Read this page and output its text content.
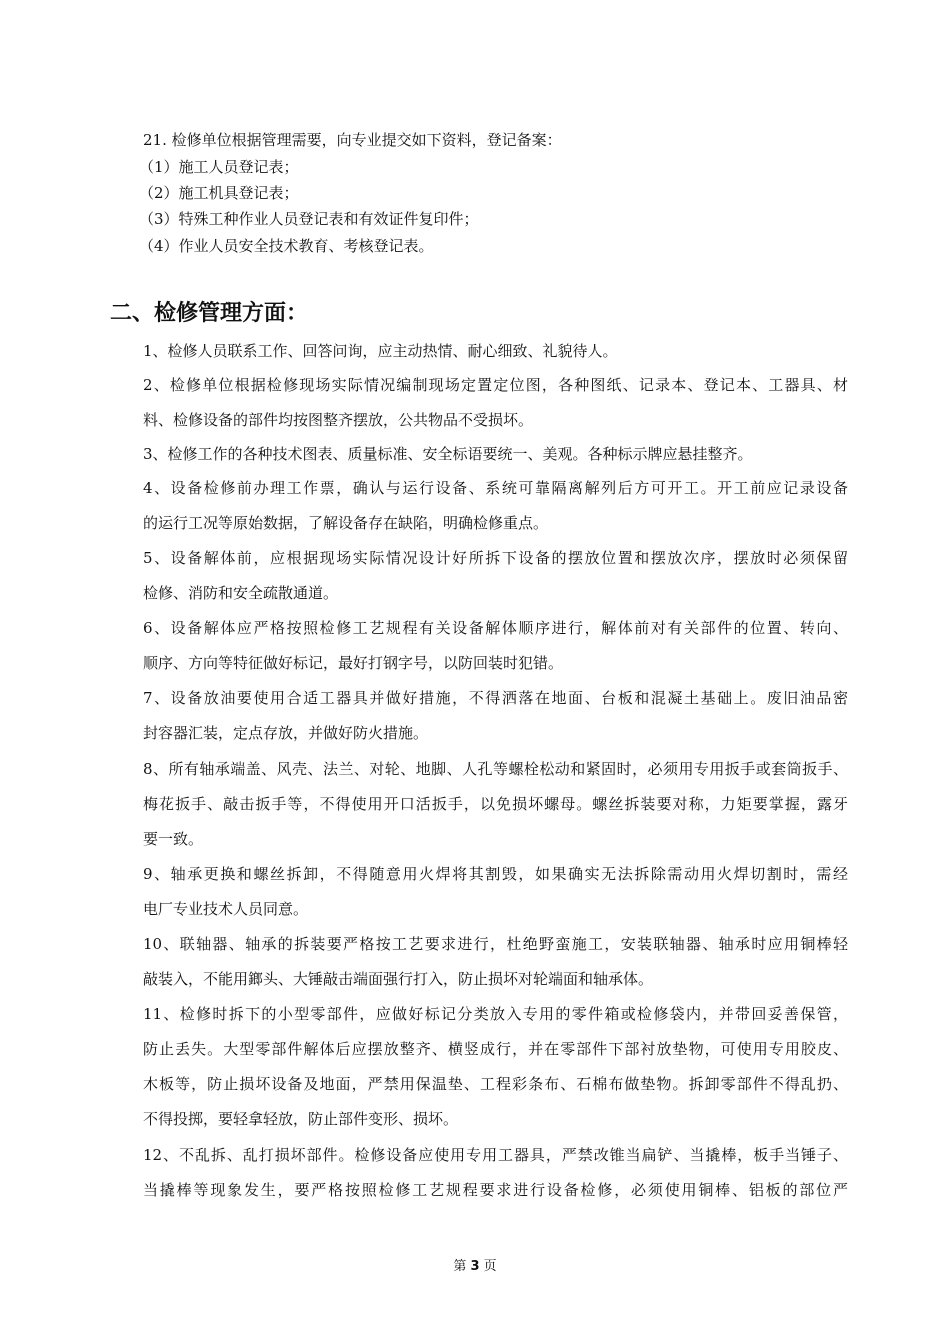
21. 检修单位根据管理需要，向专业提交如下资料，登记备案：
（1）施工人员登记表；
（2）施工机具登记表；
（3）特殊工种作业人员登记表和有效证件复印件；
（4）作业人员安全技术教育、考核登记表。
二、检修管理方面：
1、检修人员联系工作、回答问询，应主动热情、耐心细致、礼貌待人。
2、检修单位根据检修现场实际情况编制现场定置定位图，各种图纸、记录本、登记本、工器具、材
料、检修设备的部件均按图整齐摆放，公共物品不受损坏。
3、检修工作的各种技术图表、质量标准、安全标语要统一、美观。各种标示牌应悬挂整齐。
4、设备检修前办理工作票，确认与运行设备、系统可靠隔离解列后方可开工。开工前应记录设备
的运行工况等原始数据，了解设备存在缺陷，明确检修重点。
5、设备解体前，应根据现场实际情况设计好所拆下设备的摆放位置和摆放次序，摆放时必须保留
检修、消防和安全疏散通道。
6、设备解体应严格按照检修工艺规程有关设备解体顺序进行，解体前对有关部件的位置、转向、
顺序、方向等特征做好标记，最好打钢字号，以防回装时犯错。
7、设备放油要使用合适工器具并做好措施，不得洒落在地面、台板和混凝土基础上。废旧油品密
封容器汇装，定点存放，并做好防火措施。
8、所有轴承端盖、风壳、法兰、对轮、地脚、人孔等螺栓松动和紧固时，必须用专用扳手或套筒扳手、
梅花扳手、敲击扳手等，不得使用开口活扳手，以免损坏螺母。螺丝拆装要对称，力矩要掌握，露牙
要一致。
9、轴承更换和螺丝拆卸，不得随意用火焊将其割毁，如果确实无法拆除需动用火焊切割时，需经
电厂专业技术人员同意。
10、联轴器、轴承的拆装要严格按工艺要求进行，杜绝野蛮施工，安装联轴器、轴承时应用铜棒轻
敲装入，不能用鎯头、大锤敲击端面强行打入，防止损坏对轮端面和轴承体。
11、检修时拆下的小型零部件，应做好标记分类放入专用的零件箱或检修袋内，并带回妥善保管，
防止丢失。大型零部件解体后应摆放整齐、横竖成行，并在零部件下部衬放垫物，可使用专用胶皮、
木板等，防止损坏设备及地面，严禁用保温垫、工程彩条布、石棉布做垫物。拆卸零部件不得乱扔、
不得投掷，要轻拿轻放，防止部件变形、损坏。
12、不乱拆、乱打损坏部件。检修设备应使用专用工器具，严禁改锥当扁铲、当撬棒，板手当锤子、
当撬棒等现象发生，要严格按照检修工艺规程要求进行设备检修，必须使用铜棒、铝板的部位严
第 3 页
